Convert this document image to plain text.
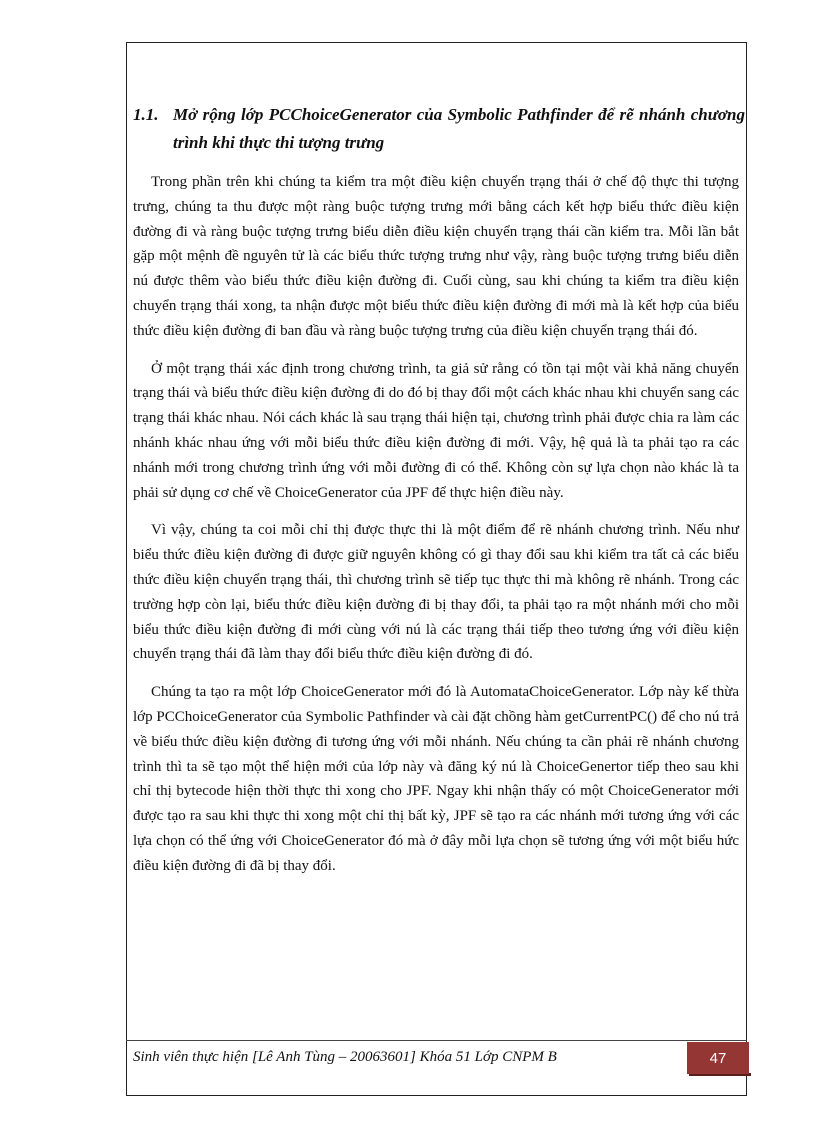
1.1. Mở rộng lớp PCChoiceGenerator của Symbolic Pathfinder để rẽ nhánh chương trình khi thực thi tượng trưng

Trong phần trên khi chúng ta kiểm tra một điều kiện chuyển trạng thái ở chế độ thực thi tượng trưng, chúng ta thu được một ràng buộc tượng trưng mới bằng cách kết hợp biểu thức điều kiện đường đi và ràng buộc tượng trưng biểu diễn điều kiện chuyển trạng thái cần kiểm tra. Mỗi lần bắt gặp một mệnh đề nguyên tử là các biểu thức tượng trưng như vậy, ràng buộc tượng trưng biểu diễn nú được thêm vào biểu thức điều kiện đường đi. Cuối cùng, sau khi chúng ta kiểm tra điều kiện chuyển trạng thái xong, ta nhận được một biểu thức điều kiện đường đi mới mà là kết hợp của biểu thức điều kiện đường đi ban đầu và ràng buộc tượng trưng của điều kiện chuyển trạng thái đó.

Ở một trạng thái xác định trong chương trình, ta giả sử rằng có tồn tại một vài khả năng chuyển trạng thái và biểu thức điều kiện đường đi do đó bị thay đổi một cách khác nhau khi chuyển sang các trạng thái khác nhau. Nói cách khác là sau trạng thái hiện tại, chương trình phải được chia ra làm các nhánh khác nhau ứng với mỗi biểu thức điều kiện đường đi mới. Vậy, hệ quả là ta phải tạo ra các nhánh mới trong chương trình ứng với mỗi đường đi có thể. Không còn sự lựa chọn nào khác là ta phải sử dụng cơ chế về ChoiceGenerator của JPF để thực hiện điều này.

Vì vậy, chúng ta coi mỗi chỉ thị được thực thi là một điểm để rẽ nhánh chương trình. Nếu như biểu thức điều kiện đường đi được giữ nguyên không có gì thay đổi sau khi kiểm tra tất cả các biểu thức điều kiện chuyển trạng thái, thì chương trình sẽ tiếp tục thực thi mà không rẽ nhánh. Trong các trường hợp còn lại, biểu thức điều kiện đường đi bị thay đổi, ta phải tạo ra một nhánh mới cho mỗi biểu thức điều kiện đường đi mới cùng với nú là các trạng thái tiếp theo tương ứng với điều kiện chuyển trạng thái đã làm thay đổi biểu thức điều kiện đường đi đó.

Chúng ta tạo ra một lớp ChoiceGenerator mới đó là AutomataChoiceGenerator. Lớp này kế thừa lớp PCChoiceGenerator của Symbolic Pathfinder và cài đặt chồng hàm getCurrentPC() để cho nú trả về biểu thức điều kiện đường đi tương ứng với mỗi nhánh. Nếu chúng ta cần phải rẽ nhánh chương trình thì ta sẽ tạo một thể hiện mới của lớp này và đăng ký nú là ChoiceGenertor tiếp theo sau khi chỉ thị bytecode hiện thời thực thi xong cho JPF. Ngay khi nhận thấy có một ChoiceGenerator mới được tạo ra sau khi thực thi xong một chỉ thị bất kỳ, JPF sẽ tạo ra các nhánh mới tương ứng với các lựa chọn có thể ứng với ChoiceGenerator đó mà ở đây mỗi lựa chọn sẽ tương ứng với một biểu hức điều kiện đường đi đã bị thay đổi.

Sinh viên thực hiện [Lê Anh Tùng – 20063601] Khóa 51 Lớp CNPM B	47
